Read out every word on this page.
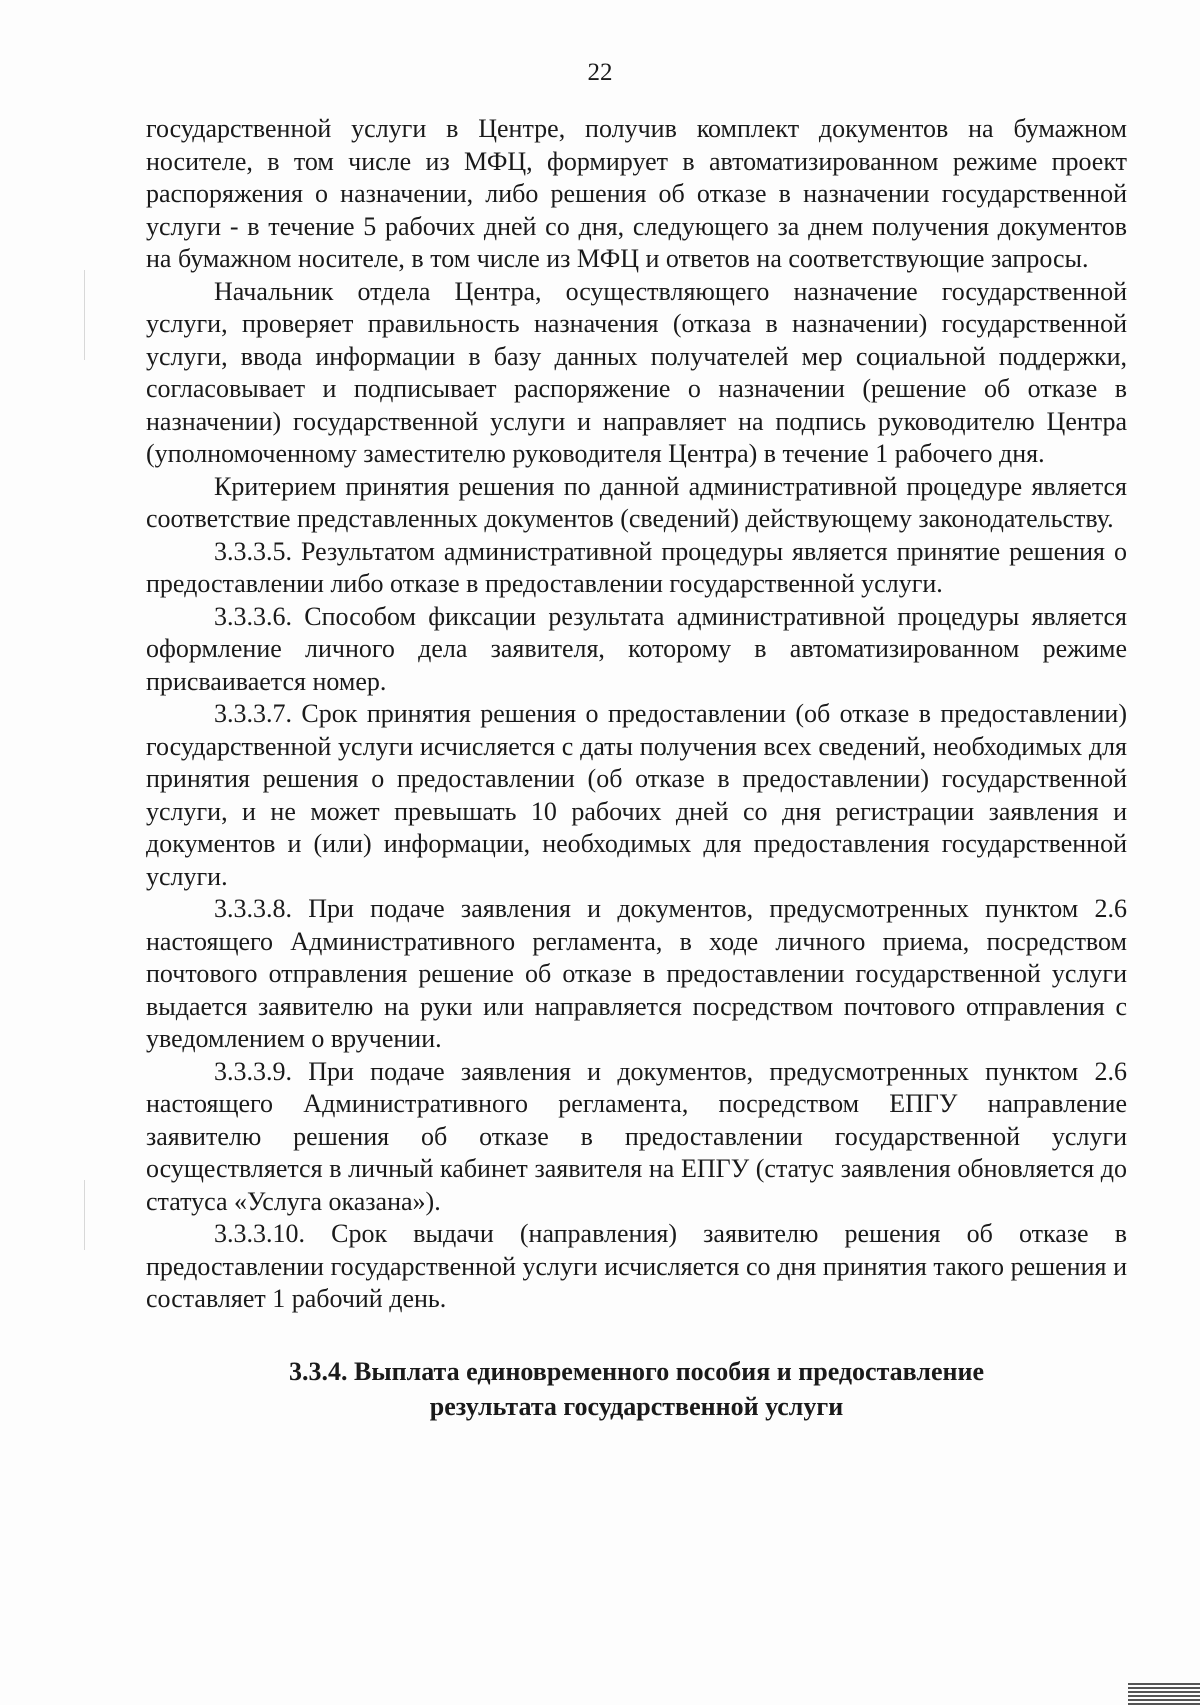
22

государственной услуги в Центре, получив комплект документов на бумажном носителе, в том числе из МФЦ, формирует в автоматизированном режиме проект распоряжения о назначении, либо решения об отказе в назначении государственной услуги - в течение 5 рабочих дней со дня, следующего за днем получения документов на бумажном носителе, в том числе из МФЦ и ответов на соответствующие запросы.

Начальник отдела Центра, осуществляющего назначение государственной услуги, проверяет правильность назначения (отказа в назначении) государственной услуги, ввода информации в базу данных получателей мер социальной поддержки, согласовывает и подписывает распоряжение о назначении (решение об отказе в назначении) государственной услуги и направляет на подпись руководителю Центра (уполномоченному заместителю руководителя Центра) в течение 1 рабочего дня.

Критерием принятия решения по данной административной процедуре является соответствие представленных документов (сведений) действующему законодательству.

3.3.3.5. Результатом административной процедуры является принятие решения о предоставлении либо отказе в предоставлении государственной услуги.

3.3.3.6. Способом фиксации результата административной процедуры является оформление личного дела заявителя, которому в автоматизированном режиме присваивается номер.

3.3.3.7. Срок принятия решения о предоставлении (об отказе в предоставлении) государственной услуги исчисляется с даты получения всех сведений, необходимых для принятия решения о предоставлении (об отказе в предоставлении) государственной услуги, и не может превышать 10 рабочих дней со дня регистрации заявления и документов и (или) информации, необходимых для предоставления государственной услуги.

3.3.3.8. При подаче заявления и документов, предусмотренных пунктом 2.6 настоящего Административного регламента, в ходе личного приема, посредством почтового отправления решение об отказе в предоставлении государственной услуги выдается заявителю на руки или направляется посредством почтового отправления с уведомлением о вручении.

3.3.3.9. При подаче заявления и документов, предусмотренных пунктом 2.6 настоящего Административного регламента, посредством ЕПГУ направление заявителю решения об отказе в предоставлении государственной услуги осуществляется в личный кабинет заявителя на ЕПГУ (статус заявления обновляется до статуса «Услуга оказана»).

3.3.3.10. Срок выдачи (направления) заявителю решения об отказе в предоставлении государственной услуги исчисляется со дня принятия такого решения и составляет 1 рабочий день.

3.3.4. Выплата единовременного пособия и предоставление
результата государственной услуги
